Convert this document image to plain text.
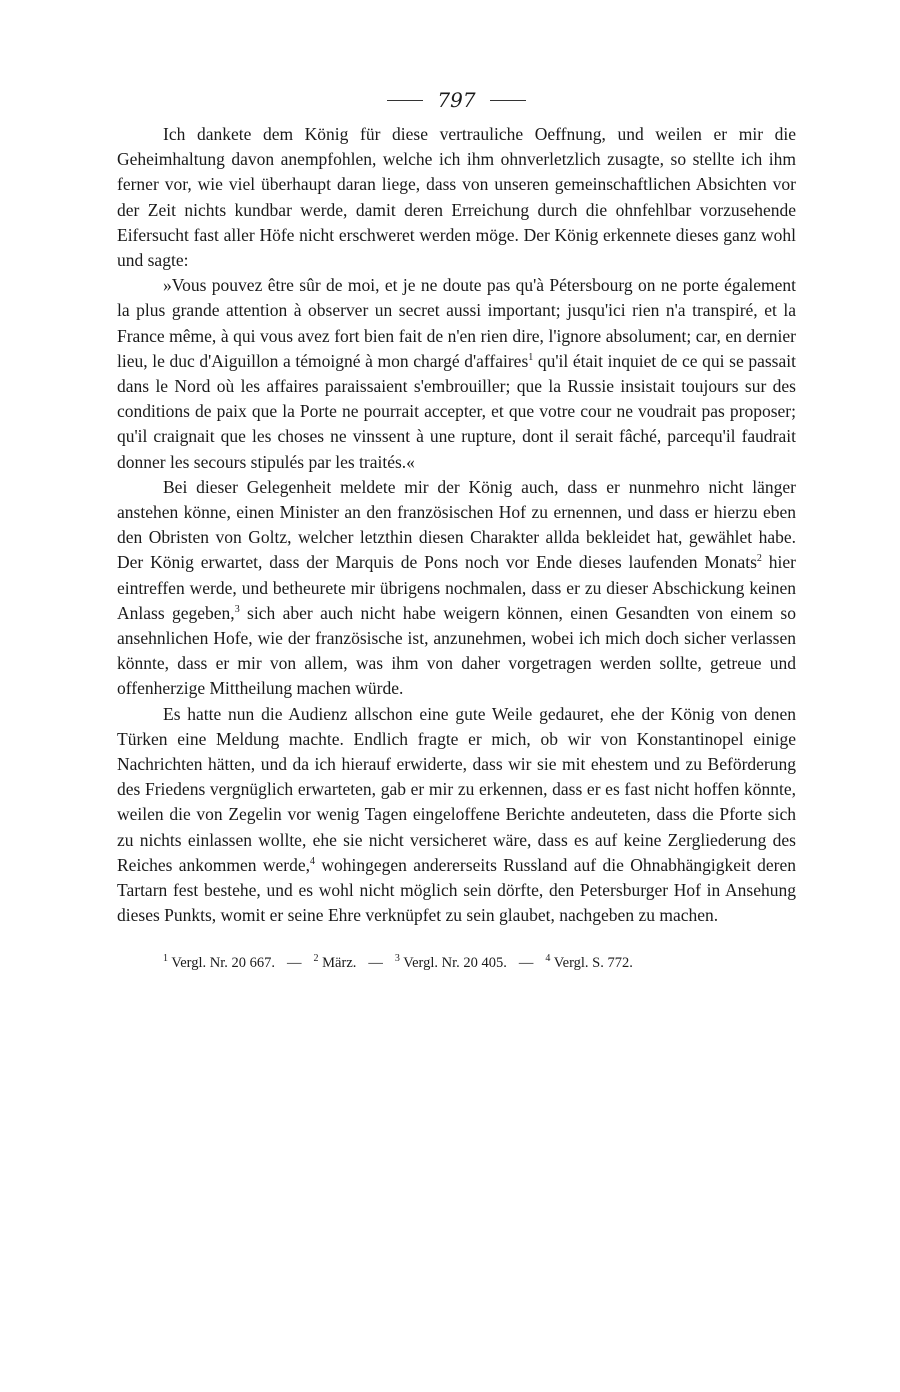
797

Ich dankete dem König für diese vertrauliche Oeffnung, und weilen er mir die Geheimhaltung davon anempfohlen, welche ich ihm ohnverletzlich zusagte, so stellte ich ihm ferner vor, wie viel überhaupt daran liege, dass von unseren gemeinschaftlichen Absichten vor der Zeit nichts kundbar werde, damit deren Erreichung durch die ohnfehlbar vorzusehende Eifersucht fast aller Höfe nicht erschweret werden möge. Der König erkennete dieses ganz wohl und sagte:

»Vous pouvez être sûr de moi, et je ne doute pas qu'à Pétersbourg on ne porte également la plus grande attention à observer un secret aussi important; jusqu'ici rien n'a transpiré, et la France même, à qui vous avez fort bien fait de n'en rien dire, l'ignore absolument; car, en dernier lieu, le duc d'Aiguillon a témoigné à mon chargé d'affaires$^1$ qu'il était inquiet de ce qui se passait dans le Nord où les affaires paraissaient s'embrouiller; que la Russie insistait toujours sur des conditions de paix que la Porte ne pourrait accepter, et que votre cour ne voudrait pas proposer; qu'il craignait que les choses ne vinssent à une rupture, dont il serait fâché, parcequ'il faudrait donner les secours stipulés par les traités.«

Bei dieser Gelegenheit meldete mir der König auch, dass er nunmehro nicht länger anstehen könne, einen Minister an den französischen Hof zu ernennen, und dass er hierzu eben den Obristen von Goltz, welcher letzthin diesen Charakter allda bekleidet hat, gewählet habe. Der König erwartet, dass der Marquis de Pons noch vor Ende dieses laufenden Monats$^2$ hier eintreffen werde, und betheurete mir übrigens nochmalen, dass er zu dieser Abschickung keinen Anlass gegeben,$^3$ sich aber auch nicht habe weigern können, einen Gesandten von einem so ansehnlichen Hofe, wie der französische ist, anzunehmen, wobei ich mich doch sicher verlassen könnte, dass er mir von allem, was ihm von daher vorgetragen werden sollte, getreue und offenherzige Mittheilung machen würde.

Es hatte nun die Audienz allschon eine gute Weile gedauret, ehe der König von denen Türken eine Meldung machte. Endlich fragte er mich, ob wir von Konstantinopel einige Nachrichten hätten, und da ich hierauf erwiderte, dass wir sie mit ehestem und zu Beförderung des Friedens vergnüglich erwarteten, gab er mir zu erkennen, dass er es fast nicht hoffen könnte, weilen die von Zegelin vor wenig Tagen eingeloffene Berichte andeuteten, dass die Pforte sich zu nichts einlassen wollte, ehe sie nicht versicheret wäre, dass es auf keine Zergliederung des Reiches ankommen werde,$^4$ wohingegen andererseits Russland auf die Ohnabhängigkeit deren Tartarn fest bestehe, und es wohl nicht möglich sein dörfte, den Petersburger Hof in Ansehung dieses Punkts, womit er seine Ehre verknüpfet zu sein glaubet, nachgeben zu machen.

$^1$ Vergl. Nr. 20 667. — $^2$ März. — $^3$ Vergl. Nr. 20 405. — $^4$ Vergl. S. 772.
